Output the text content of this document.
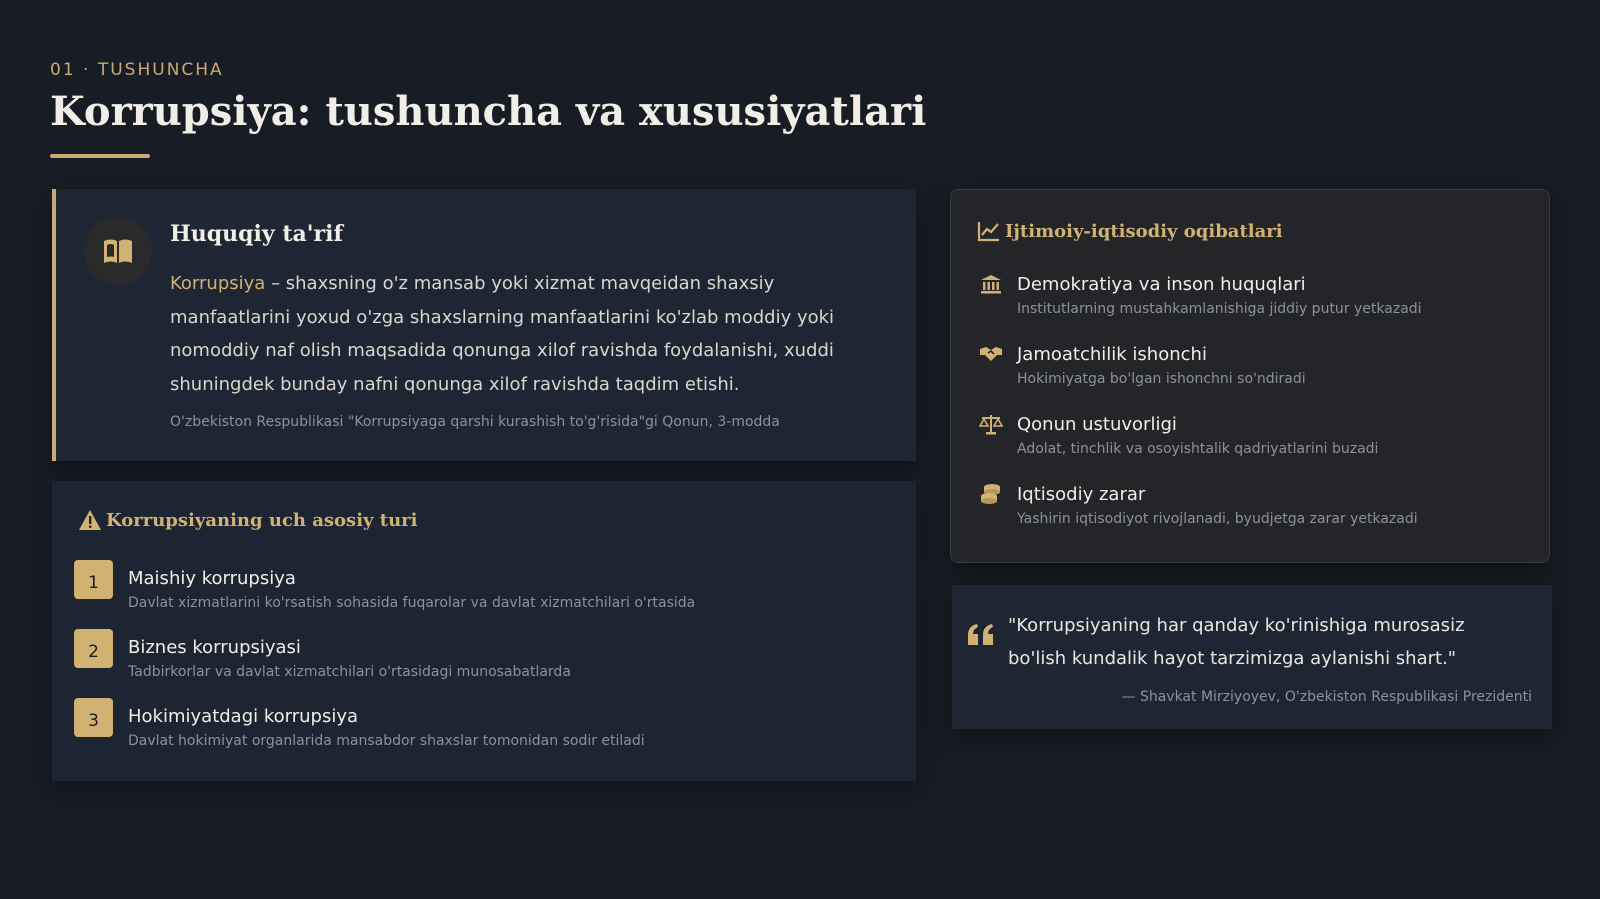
01 · TUSHUNCHA
Korrupsiya: tushuncha va xususiyatlari
Huquqiy ta'rif

Korrupsiya – shaxsning o'z mansab yoki xizmat mavqeidan shaxsiy manfaatlarini yoxud o'zga shaxslarning manfaatlarini ko'zlab moddiy yoki nomoddiy naf olish maqsadida qonunga xilof ravishda foydalanishi, xuddi shuningdek bunday nafni qonunga xilof ravishda taqdim etishi.

O'zbekiston Respublikasi "Korrupsiyaga qarshi kurashish to'g'risida"gi Qonun, 3-modda
Korrupsiyaning uch asosiy turi
1	Maishiy korrupsiya
Davlat xizmatlarini ko'rsatish sohasida fuqarolar va davlat xizmatchilari o'rtasida
2	Biznes korrupsiyasi
Tadbirkorlar va davlat xizmatchilari o'rtasidagi munosabatlarda
3	Hokimiyatdagi korrupsiya
Davlat hokimiyat organlarida mansabdor shaxslar tomonidan sodir etiladi
Ijtimoiy-iqtisodiy oqibatlari
Demokratiya va inson huquqlari
Institutlarning mustahkamlanishiga jiddiy putur yetkazadi
Jamoatchilik ishonchi
Hokimiyatga bo'lgan ishonchni so'ndiradi
Qonun ustuvorligi
Adolat, tinchlik va osoyishtalik qadriyatlarini buzadi
Iqtisodiy zarar
Yashirin iqtisodiyot rivojlanadi, byudjetga zarar yetkazadi

"Korrupsiyaning har qanday ko'rinishiga murosasiz bo'lish kundalik hayot tarzimizga aylanishi shart."

— Shavkat Mirziyoyev, O'zbekiston Respublikasi Prezidenti
